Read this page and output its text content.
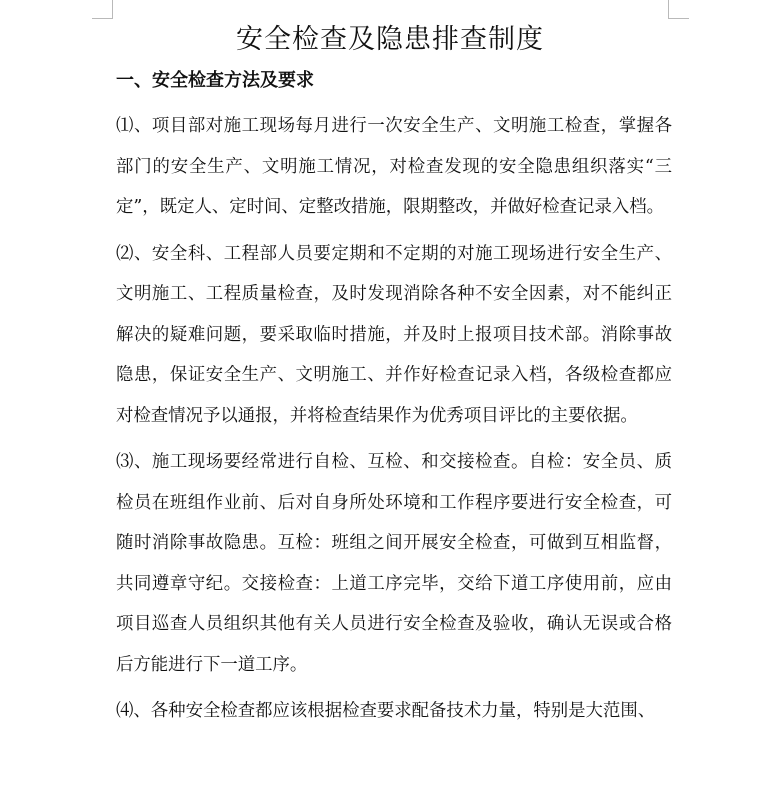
安全检查及隐患排查制度
一、安全检查方法及要求

⑴、项目部对施工现场每月进行一次安全生产、文明施工检查，掌握各部门的安全生产、文明施工情况，对检查发现的安全隐患组织落实“三定”，既定人、定时间、定整改措施，限期整改，并做好检查记录入档。

⑵、安全科、工程部人员要定期和不定期的对施工现场进行安全生产、文明施工、工程质量检查，及时发现消除各种不安全因素，对不能纠正解决的疑难问题，要采取临时措施，并及时上报项目技术部。消除事故隐患，保证安全生产、文明施工、并作好检查记录入档，各级检查都应对检查情况予以通报，并将检查结果作为优秀项目评比的主要依据。

⑶、施工现场要经常进行自检、互检、和交接检查。自检：安全员、质检员在班组作业前、后对自身所处环境和工作程序要进行安全检查，可随时消除事故隐患。互检：班组之间开展安全检查，可做到互相监督，共同遵章守纪。交接检查：上道工序完毕，交给下道工序使用前，应由项目巡查人员组织其他有关人员进行安全检查及验收，确认无误或合格后方能进行下一道工序。

⑷、各种安全检查都应该根据检查要求配备技术力量，特别是大范围、
